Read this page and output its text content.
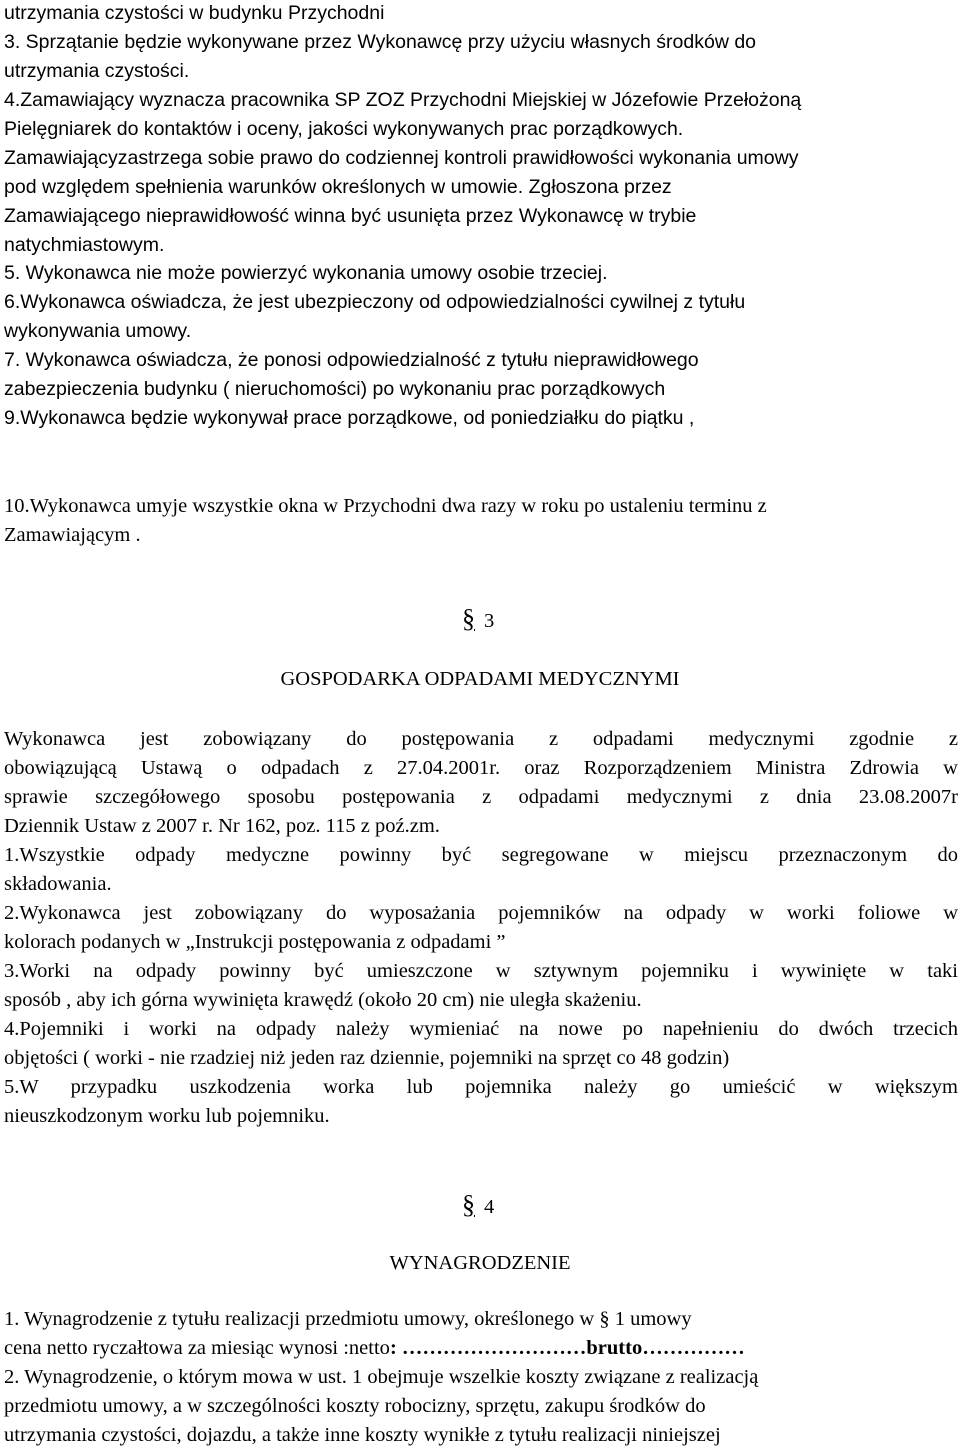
utrzymania czystości w budynku Przychodni

3. Sprzątanie będzie wykonywane przez Wykonawcę przy użyciu własnych środków do

utrzymania czystości.

4.Zamawiający wyznacza pracownika SP ZOZ Przychodni Miejskiej w Józefowie Przełożoną

Pielęgniarek do kontaktów i oceny, jakości wykonywanych prac porządkowych.

Zamawiającyzastrzega sobie prawo do codziennej kontroli prawidłowości wykonania umowy

pod względem spełnienia warunków określonych w umowie. Zgłoszona przez

Zamawiającego nieprawidłowość winna być usunięta przez Wykonawcę w trybie

natychmiastowym.

5. Wykonawca nie może powierzyć wykonania umowy osobie trzeciej.

6.Wykonawca oświadcza, że jest ubezpieczony od odpowiedzialności cywilnej z tytułu

wykonywania umowy.

7. Wykonawca oświadcza, że ponosi odpowiedzialność z tytułu nieprawidłowego

zabezpieczenia budynku ( nieruchomości) po wykonaniu prac porządkowych

9.Wykonawca będzie wykonywał prace porządkowe, od poniedziałku do piątku ,

10.Wykonawca umyje wszystkie okna w Przychodni dwa razy w roku po ustaleniu terminu z

Zamawiającym .

§ 3

GOSPODARKA ODPADAMI MEDYCZNYMI

Wykonawca jest zobowiązany do postępowania z odpadami medycznymi zgodnie z

obowiązującą Ustawą o odpadach z 27.04.2001r. oraz Rozporządzeniem Ministra Zdrowia w

sprawie szczegółowego sposobu postępowania z odpadami medycznymi z dnia 23.08.2007r

Dziennik Ustaw z 2007 r. Nr 162, poz. 115 z poź.zm.

1.Wszystkie odpady medyczne powinny być segregowane w miejscu przeznaczonym do

składowania.

2.Wykonawca jest zobowiązany do wyposażania pojemników na odpady w worki foliowe w

kolorach podanych w „Instrukcji postępowania z odpadami ”

3.Worki na odpady powinny być umieszczone w sztywnym pojemniku i wywinięte w taki

sposób , aby ich górna wywinięta krawędź (około 20 cm) nie uległa skażeniu.

4.Pojemniki i worki na odpady należy wymieniać na nowe po napełnieniu do dwóch trzecich

objętości ( worki - nie rzadziej niż jeden raz dziennie, pojemniki na sprzęt co 48 godzin)

5.W przypadku uszkodzenia worka lub pojemnika należy go umieścić w większym

nieuszkodzonym worku lub pojemniku.

§ 4

WYNAGRODZENIE

1. Wynagrodzenie z tytułu realizacji przedmiotu umowy, określonego w § 1 umowy

cena netto ryczałtowa za miesiąc wynosi :netto: ………………………brutto……………

2. Wynagrodzenie, o którym mowa w ust. 1 obejmuje wszelkie koszty związane z realizacją

przedmiotu umowy, a w szczególności koszty robocizny, sprzętu, zakupu środków do

utrzymania czystości, dojazdu, a także inne koszty wynikłe z tytułu realizacji niniejszej
